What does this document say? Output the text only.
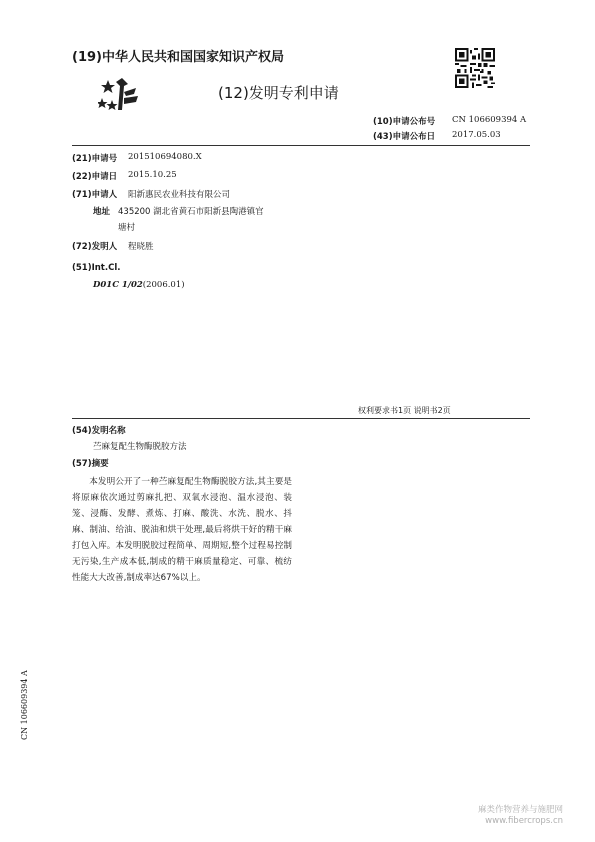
(19)中华人民共和国国家知识产权局
(12)发明专利申请
(10)申请公布号 CN 106609394 A
(43)申请公布日 2017.05.03
(21)申请号 201510694080.X
(22)申请日 2015.10.25
(71)申请人 阳新惠民农业科技有限公司
地址 435200 湖北省黄石市阳新县陶港镇官
塘村
(72)发明人 程晓胜
(51)Int.Cl.
D01C 1/02(2006.01)
权利要求书1页 说明书2页
(54)发明名称
苎麻复配生物酶脱胶方法
(57)摘要
本发明公开了一种苎麻复配生物酶脱胶方法,其主要是将原麻依次通过剪麻扎把、双氧水浸泡、温水浸泡、装笼、浸酶、发酵、煮炼、打麻、酸洗、水洗、脱水、抖麻、制油、给油、脱油和烘干处理,最后将烘干好的精干麻打包入库。本发明脱胶过程简单、周期短,整个过程易控制无污染,生产成本低,制成的精干麻质量稳定、可靠、梳纺性能大大改善,制成率达67%以上。
CN 106609394 A
麻类作物营养与施肥网
www.fibercrops.cn
